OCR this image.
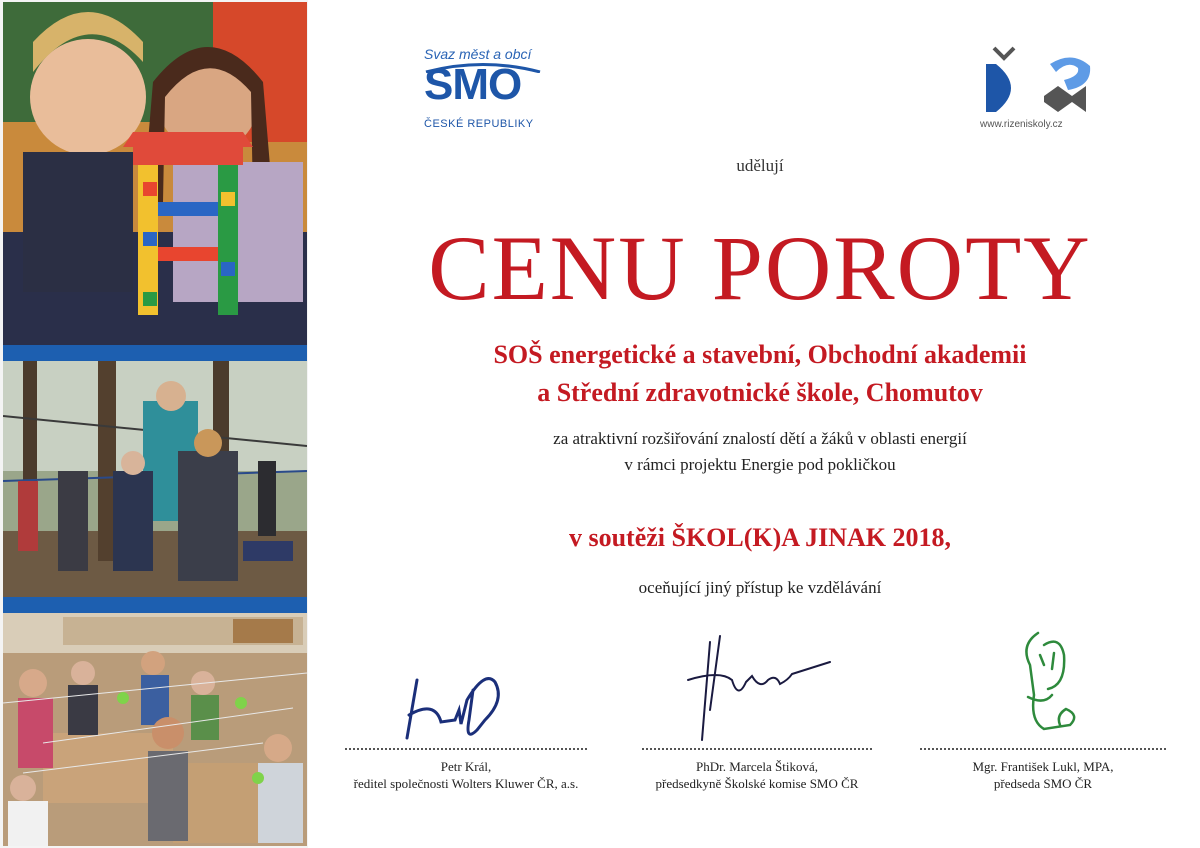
Svaz měst a obcí
SMO
ČESKÉ REPUBLIKY	www.rizeniskoly.cz
udělují
CENU POROTY
SOŠ energetické a stavební, Obchodní akademii
a Střední zdravotnické škole, Chomutov
za atraktivní rozšiřování znalostí dětí a žáků v oblasti energií
v rámci projektu Energie pod pokličkou
v soutěži ŠKOL(K)A JINAK 2018,
oceňující jiný přístup ke vzdělávání
Petr Král,
ředitel společnosti Wolters Kluwer ČR, a.s.
PhDr. Marcela Štiková,
předsedkyně Školské komise SMO ČR
Mgr. František Lukl, MPA,
předseda SMO ČR
